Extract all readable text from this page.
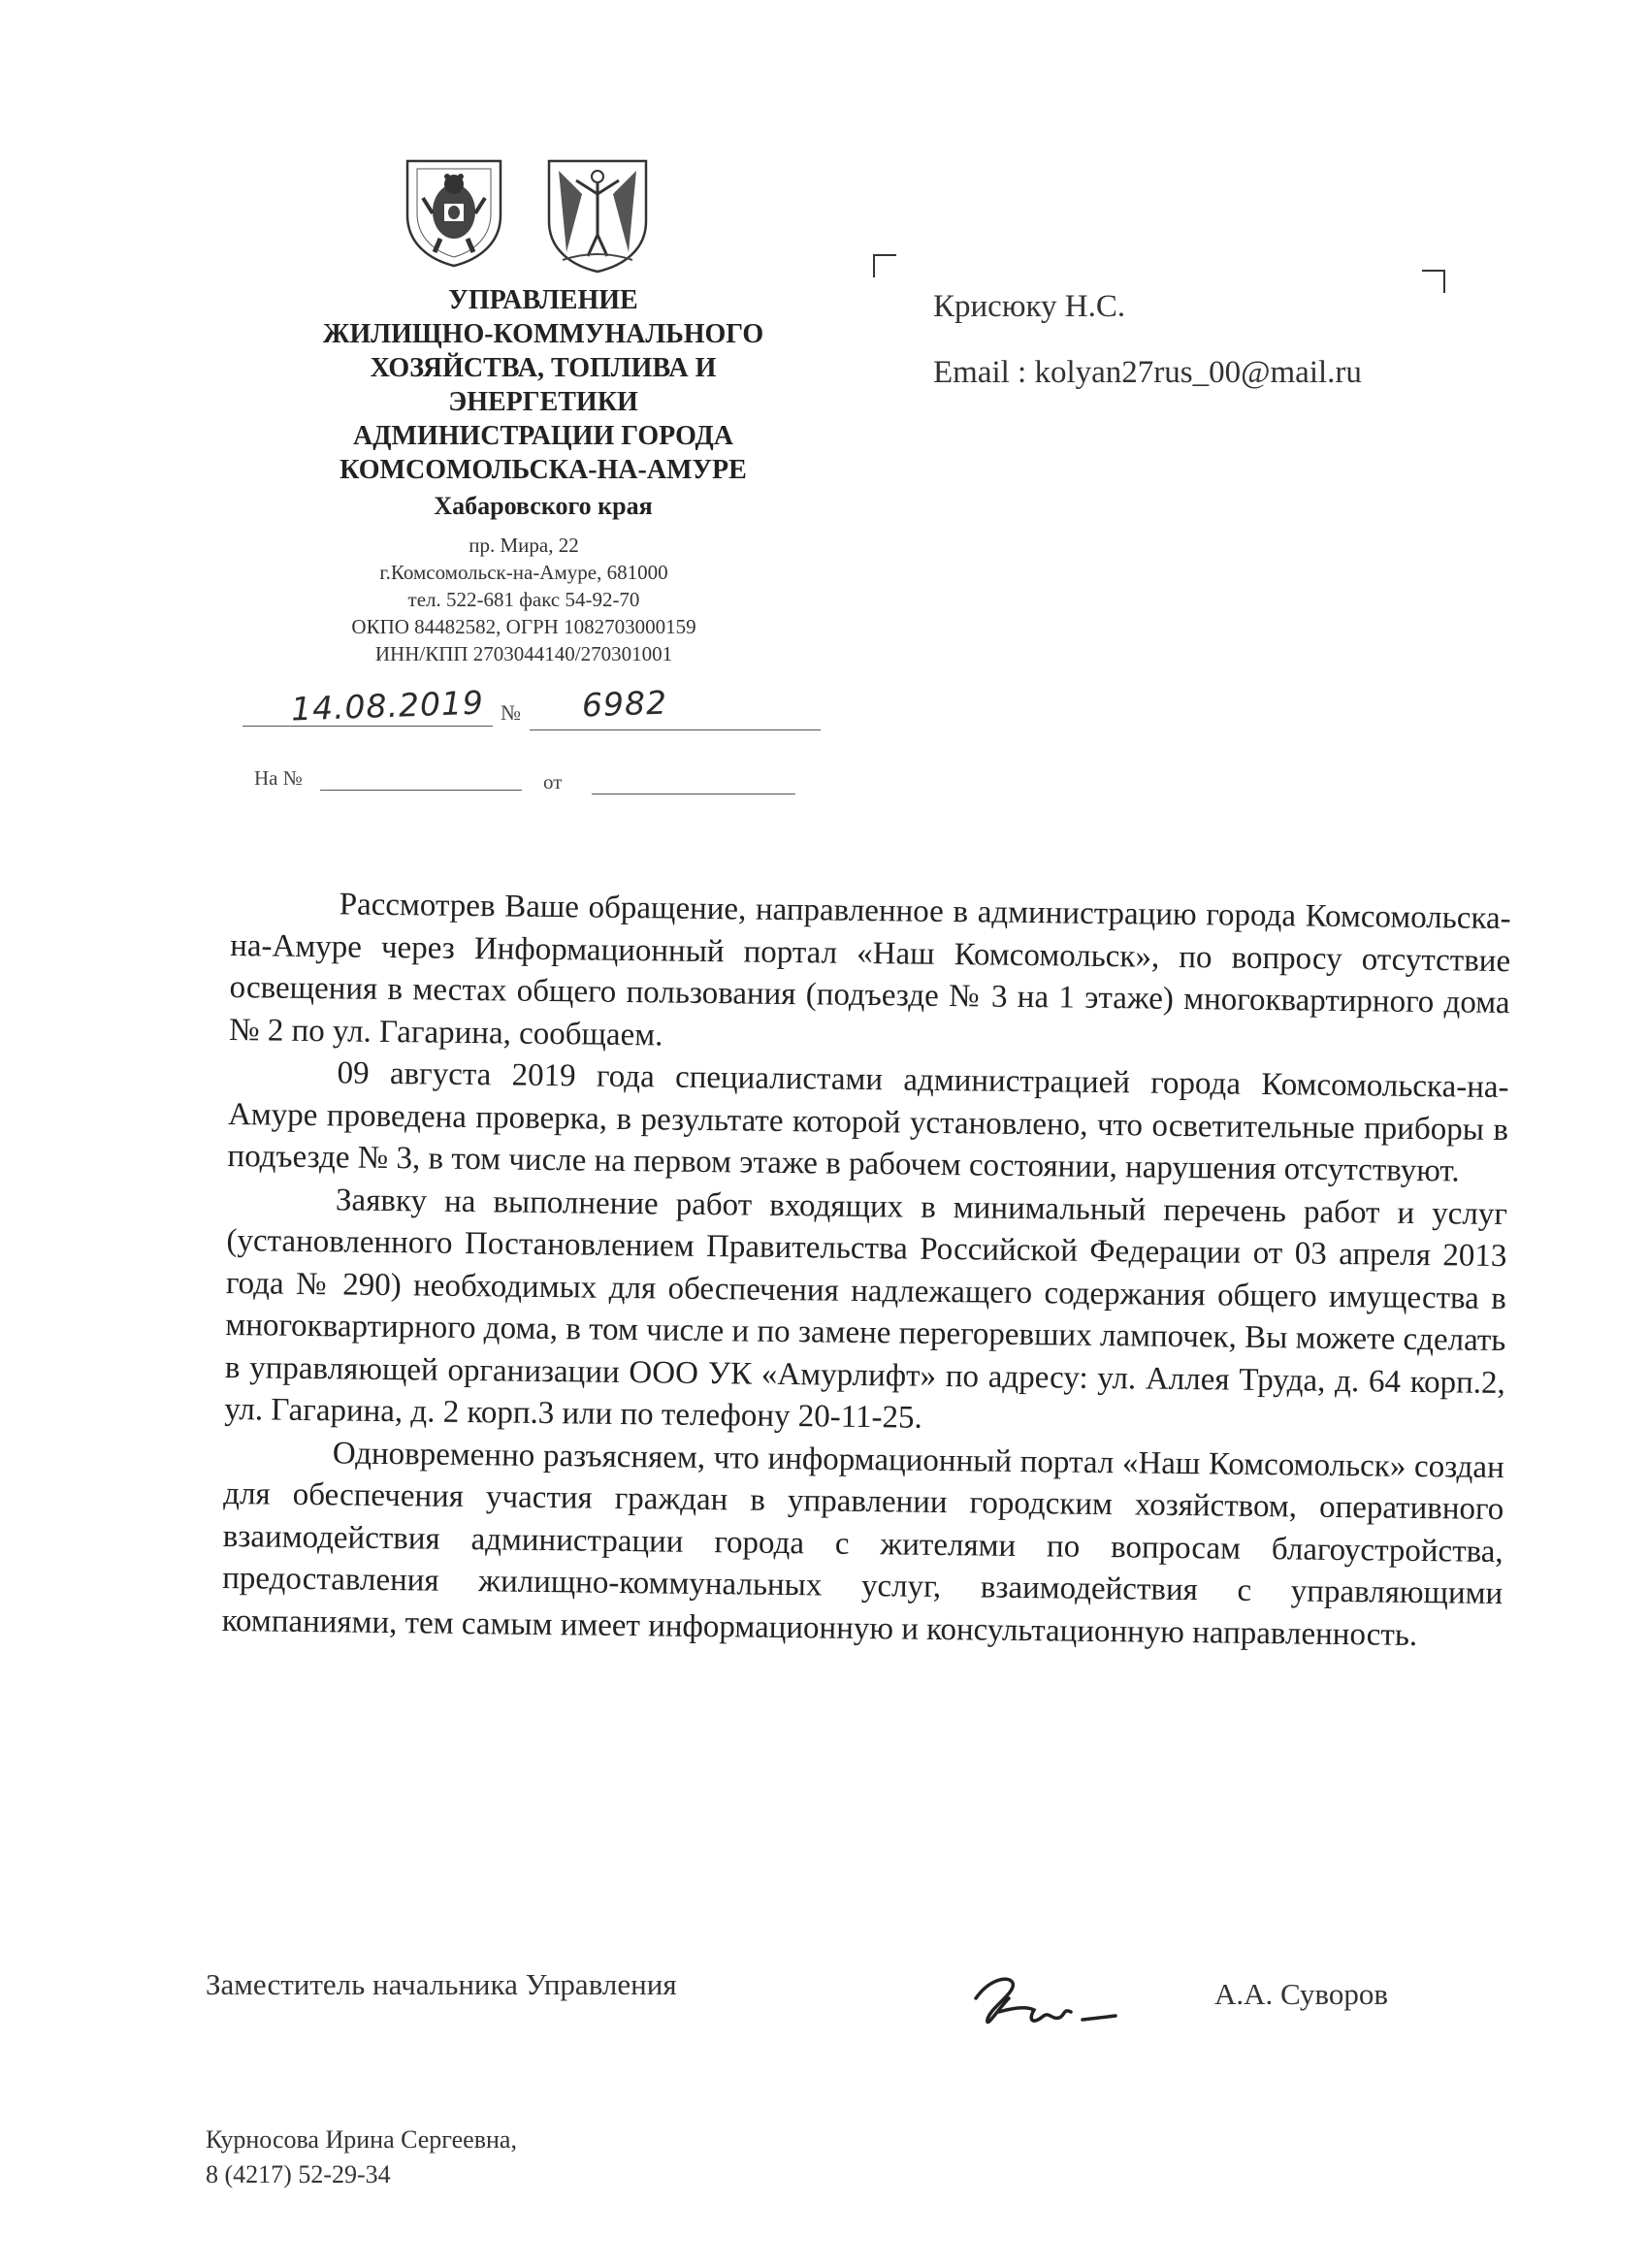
УПРАВЛЕНИЕ
ЖИЛИЩНО-КОММУНАЛЬНОГО
ХОЗЯЙСТВА, ТОПЛИВА И
ЭНЕРГЕТИКИ
АДМИНИСТРАЦИИ ГОРОДА
КОМСОМОЛЬСКА-НА-АМУРЕ
Хабаровского края
пр. Мира, 22
г.Комсомольск-на-Амуре, 681000
тел. 522-681 факс 54-92-70
ОКПО 84482582, ОГРН 1082703000159
ИНН/КПП 2703044140/270301001
14.08.2019 № 6982
На №	от
Крисюку Н.С.
Email : kolyan27rus_00@mail.ru

Рассмотрев Ваше обращение, направленное в администрацию города Комсомольска-на-Амуре через Информационный портал «Наш Комсомольск», по вопросу отсутствие освещения в местах общего пользования (подъезде № 3 на 1 этаже) многоквартирного дома № 2 по ул. Гагарина, сообщаем.

09 августа 2019 года специалистами администрацией города Комсомольска-на-Амуре проведена проверка, в результате которой установлено, что осветительные приборы в подъезде № 3, в том числе на первом этаже в рабочем состоянии, нарушения отсутствуют.

Заявку на выполнение работ входящих в минимальный перечень работ и услуг (установленного Постановлением Правительства Российской Федерации от 03 апреля 2013 года № 290) необходимых для обеспечения надлежащего содержания общего имущества в многоквартирного дома, в том числе и по замене перегоревших лампочек, Вы можете сделать в управляющей организации ООО УК «Амурлифт» по адресу: ул. Аллея Труда, д. 64 корп.2, ул. Гагарина, д. 2 корп.3 или по телефону 20-11-25.

Одновременно разъясняем, что информационный портал «Наш Комсомольск» создан для обеспечения участия граждан в управлении городским хозяйством, оперативного взаимодействия администрации города с жителями по вопросам благоустройства, предоставления жилищно-коммунальных услуг, взаимодействия с управляющими компаниями, тем самым имеет информационную и консультационную направленность.

Заместитель начальника Управления	А.А. Суворов
Курносова Ирина Сергеевна,
8 (4217) 52-29-34
